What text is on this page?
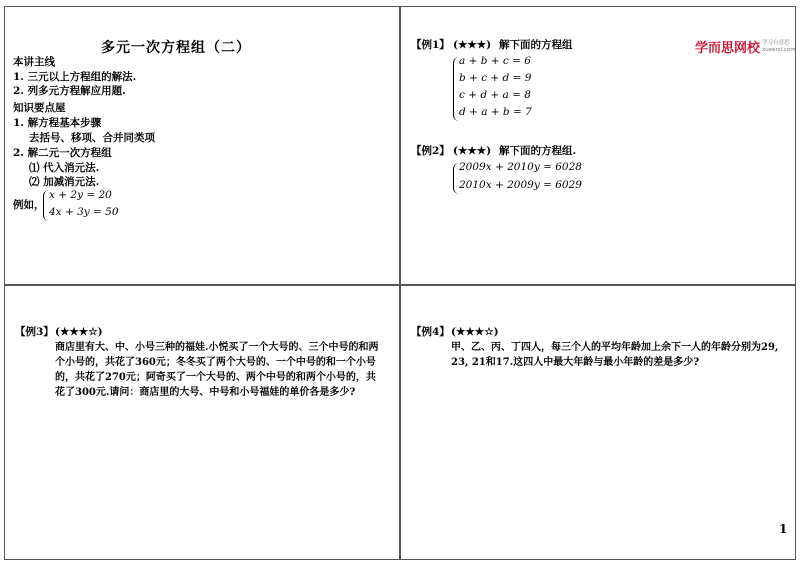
多元一次方程组（二）
本讲主线
1. 三元以上方程组的解法.
2. 列多元方程解应用题.
知识要点屋
1. 解方程基本步骤
去括号、移项、合并同类项
2. 解二元一次方程组
⑴ 代入消元法.
⑵ 加减消元法.
例如，
x + 2y = 20
4x + 3y = 50
学而思网校 学习有意思
xueersi.com
【例1】 (★★★) 解下面的方程组
a + b + c = 6
b + c + d = 9
c + d + a = 8
d + a + b = 7
【例2】 (★★★) 解下面的方程组.
2009x + 2010y = 6028
2010x + 2009y = 6029
【例3】 (★★★☆)
商店里有大、中、小号三种的福娃.小悦买了一个大号的、三个中号的和两个小号的，共花了360元；冬冬买了两个大号的、一个中号的和一个小号的，共花了270元；阿奇买了一个大号的、两个中号的和两个小号的，共花了300元.请问：商店里的大号、中号和小号福娃的单价各是多少?
【例4】 (★★★☆)
甲、乙、丙、丁四人，每三个人的平均年龄加上余下一人的年龄分别为29, 23, 21和17.这四人中最大年龄与最小年龄的差是多少?
1
